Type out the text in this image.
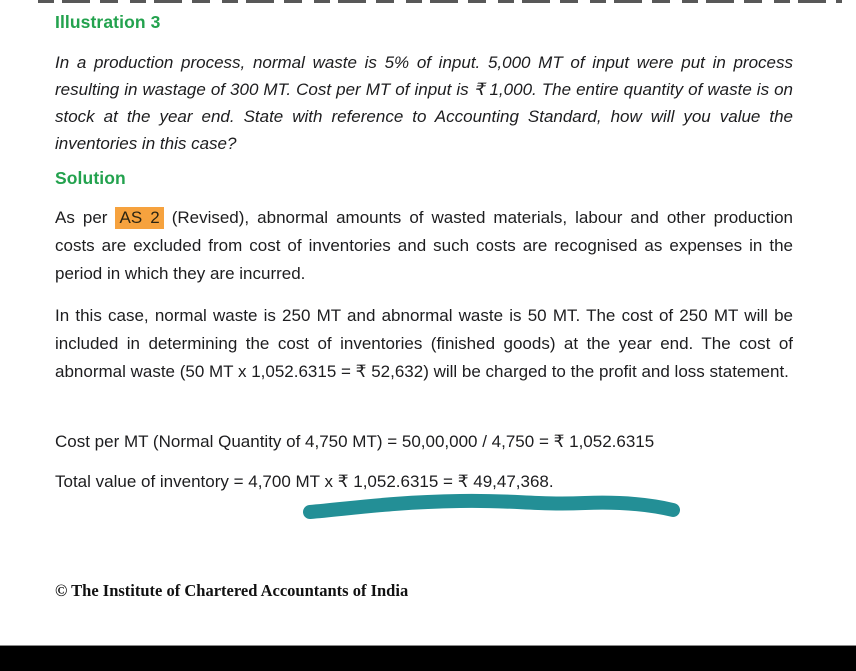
Illustration 3

In a production process, normal waste is 5% of input. 5,000 MT of input were put in process resulting in wastage of 300 MT. Cost per MT of input is ₹ 1,000. The entire quantity of waste is on stock at the year end. State with reference to Accounting Standard, how will you value the inventories in this case?

Solution

As per AS 2 (Revised), abnormal amounts of wasted materials, labour and other production costs are excluded from cost of inventories and such costs are recognised as expenses in the period in which they are incurred.

In this case, normal waste is 250 MT and abnormal waste is 50 MT. The cost of 250 MT will be included in determining the cost of inventories (finished goods) at the year end. The cost of abnormal waste (50 MT x 1,052.6315 = ₹ 52,632) will be charged to the profit and loss statement.

Cost per MT (Normal Quantity of 4,750 MT) = 50,00,000 / 4,750 = ₹ 1,052.6315

Total value of inventory = 4,700 MT x ₹ 1,052.6315 = ₹ 49,47,368.

© The Institute of Chartered Accountants of India
